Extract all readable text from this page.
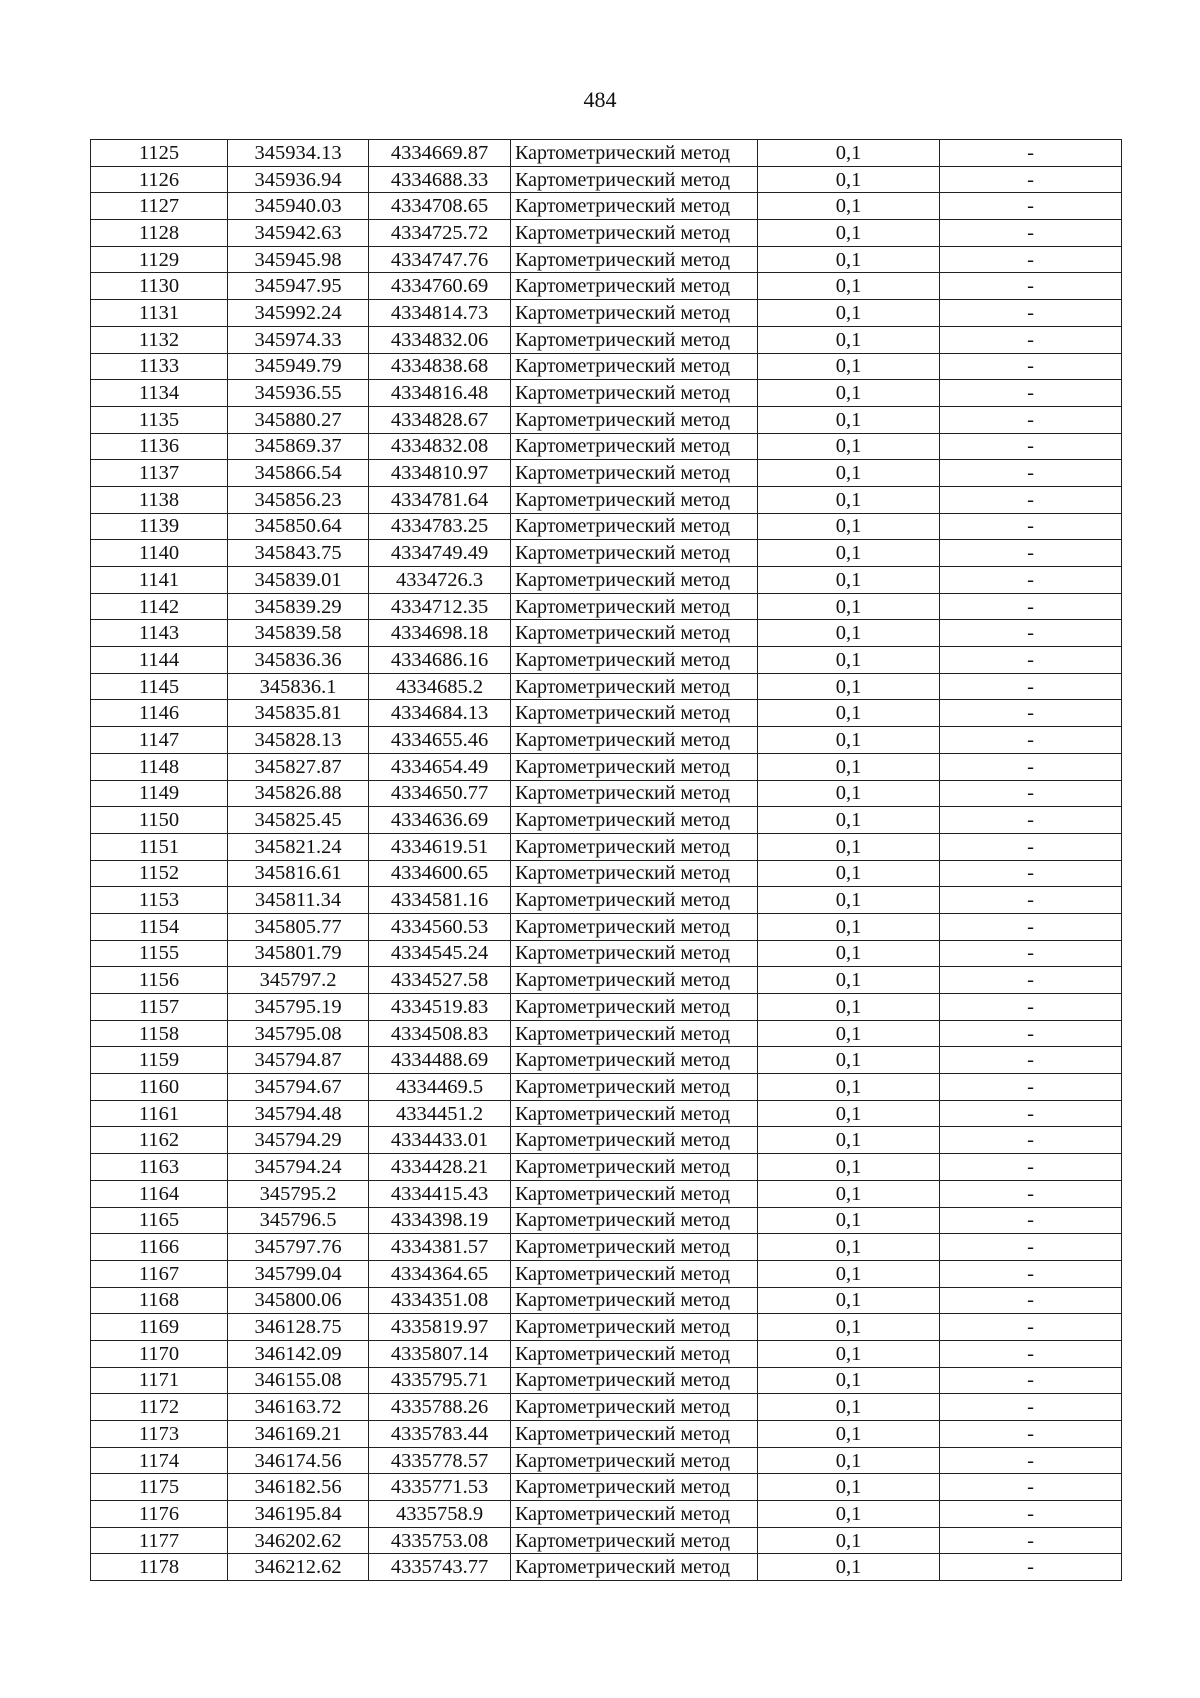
484
1125	345934.13	4334669.87	Картометрический метод	0,1	-
1126	345936.94	4334688.33	Картометрический метод	0,1	-
1127	345940.03	4334708.65	Картометрический метод	0,1	-
1128	345942.63	4334725.72	Картометрический метод	0,1	-
1129	345945.98	4334747.76	Картометрический метод	0,1	-
1130	345947.95	4334760.69	Картометрический метод	0,1	-
1131	345992.24	4334814.73	Картометрический метод	0,1	-
1132	345974.33	4334832.06	Картометрический метод	0,1	-
1133	345949.79	4334838.68	Картометрический метод	0,1	-
1134	345936.55	4334816.48	Картометрический метод	0,1	-
1135	345880.27	4334828.67	Картометрический метод	0,1	-
1136	345869.37	4334832.08	Картометрический метод	0,1	-
1137	345866.54	4334810.97	Картометрический метод	0,1	-
1138	345856.23	4334781.64	Картометрический метод	0,1	-
1139	345850.64	4334783.25	Картометрический метод	0,1	-
1140	345843.75	4334749.49	Картометрический метод	0,1	-
1141	345839.01	4334726.3	Картометрический метод	0,1	-
1142	345839.29	4334712.35	Картометрический метод	0,1	-
1143	345839.58	4334698.18	Картометрический метод	0,1	-
1144	345836.36	4334686.16	Картометрический метод	0,1	-
1145	345836.1	4334685.2	Картометрический метод	0,1	-
1146	345835.81	4334684.13	Картометрический метод	0,1	-
1147	345828.13	4334655.46	Картометрический метод	0,1	-
1148	345827.87	4334654.49	Картометрический метод	0,1	-
1149	345826.88	4334650.77	Картометрический метод	0,1	-
1150	345825.45	4334636.69	Картометрический метод	0,1	-
1151	345821.24	4334619.51	Картометрический метод	0,1	-
1152	345816.61	4334600.65	Картометрический метод	0,1	-
1153	345811.34	4334581.16	Картометрический метод	0,1	-
1154	345805.77	4334560.53	Картометрический метод	0,1	-
1155	345801.79	4334545.24	Картометрический метод	0,1	-
1156	345797.2	4334527.58	Картометрический метод	0,1	-
1157	345795.19	4334519.83	Картометрический метод	0,1	-
1158	345795.08	4334508.83	Картометрический метод	0,1	-
1159	345794.87	4334488.69	Картометрический метод	0,1	-
1160	345794.67	4334469.5	Картометрический метод	0,1	-
1161	345794.48	4334451.2	Картометрический метод	0,1	-
1162	345794.29	4334433.01	Картометрический метод	0,1	-
1163	345794.24	4334428.21	Картометрический метод	0,1	-
1164	345795.2	4334415.43	Картометрический метод	0,1	-
1165	345796.5	4334398.19	Картометрический метод	0,1	-
1166	345797.76	4334381.57	Картометрический метод	0,1	-
1167	345799.04	4334364.65	Картометрический метод	0,1	-
1168	345800.06	4334351.08	Картометрический метод	0,1	-
1169	346128.75	4335819.97	Картометрический метод	0,1	-
1170	346142.09	4335807.14	Картометрический метод	0,1	-
1171	346155.08	4335795.71	Картометрический метод	0,1	-
1172	346163.72	4335788.26	Картометрический метод	0,1	-
1173	346169.21	4335783.44	Картометрический метод	0,1	-
1174	346174.56	4335778.57	Картометрический метод	0,1	-
1175	346182.56	4335771.53	Картометрический метод	0,1	-
1176	346195.84	4335758.9	Картометрический метод	0,1	-
1177	346202.62	4335753.08	Картометрический метод	0,1	-
1178	346212.62	4335743.77	Картометрический метод	0,1	-
